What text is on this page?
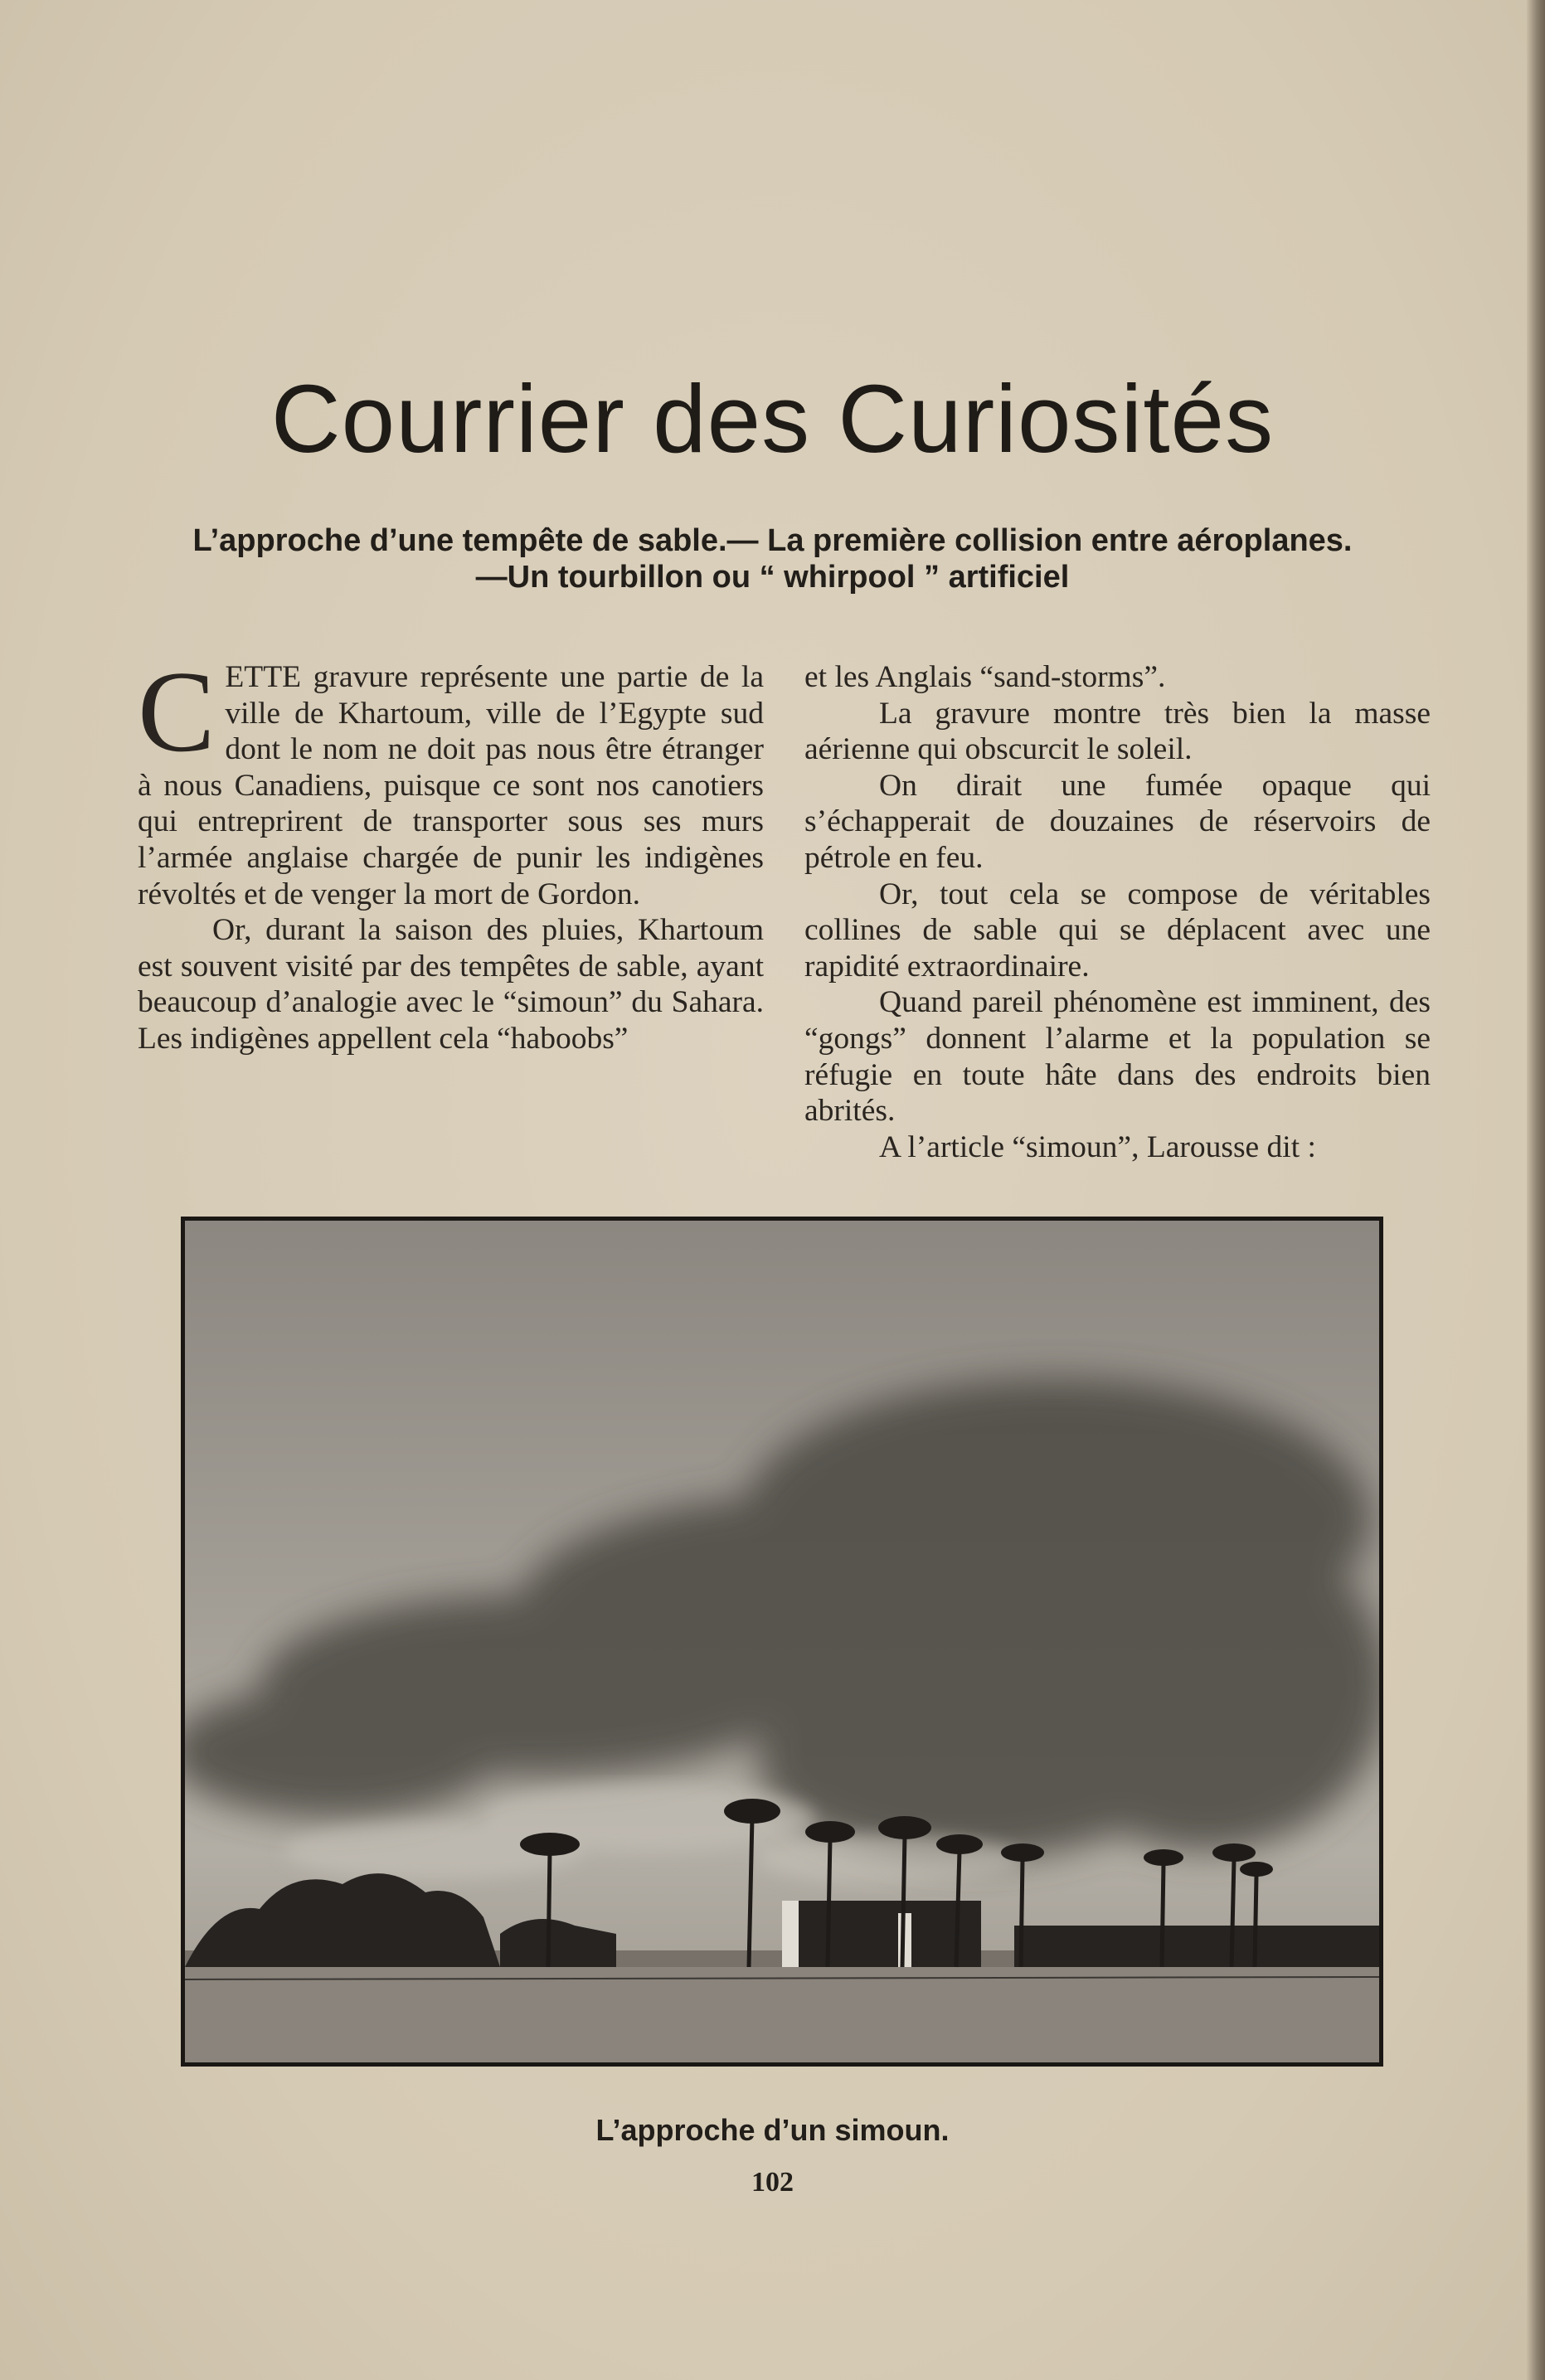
Courrier des Curiosités
L’approche d’une tempête de sable.— La première collision entre aéroplanes.
—Un tourbillon ou “ whirpool ” artificiel

CETTE gravure représente une partie de la ville de Khartoum, ville de l’Egypte sud dont le nom ne doit pas nous être étranger à nous Canadiens, puisque ce sont nos canotiers qui entreprirent de transporter sous ses murs l’armée anglaise chargée de punir les indigènes révoltés et de venger la mort de Gordon.

Or, durant la saison des pluies, Khartoum est souvent visité par des tempêtes de sable, ayant beaucoup d’analogie avec le “simoun” du Sahara. Les indigènes appellent cela “haboobs”

et les Anglais “sand-storms”.

La gravure montre très bien la masse aérienne qui obscurcit le soleil.

On dirait une fumée opaque qui s’échapperait de douzaines de réservoirs de pétrole en feu.

Or, tout cela se compose de véritables collines de sable qui se déplacent avec une rapidité extraordinaire.

Quand pareil phénomène est imminent, des “gongs” donnent l’alarme et la population se réfugie en toute hâte dans des endroits bien abrités.

A l’article “simoun”, Larousse dit :

L’approche d’un simoun.
102
